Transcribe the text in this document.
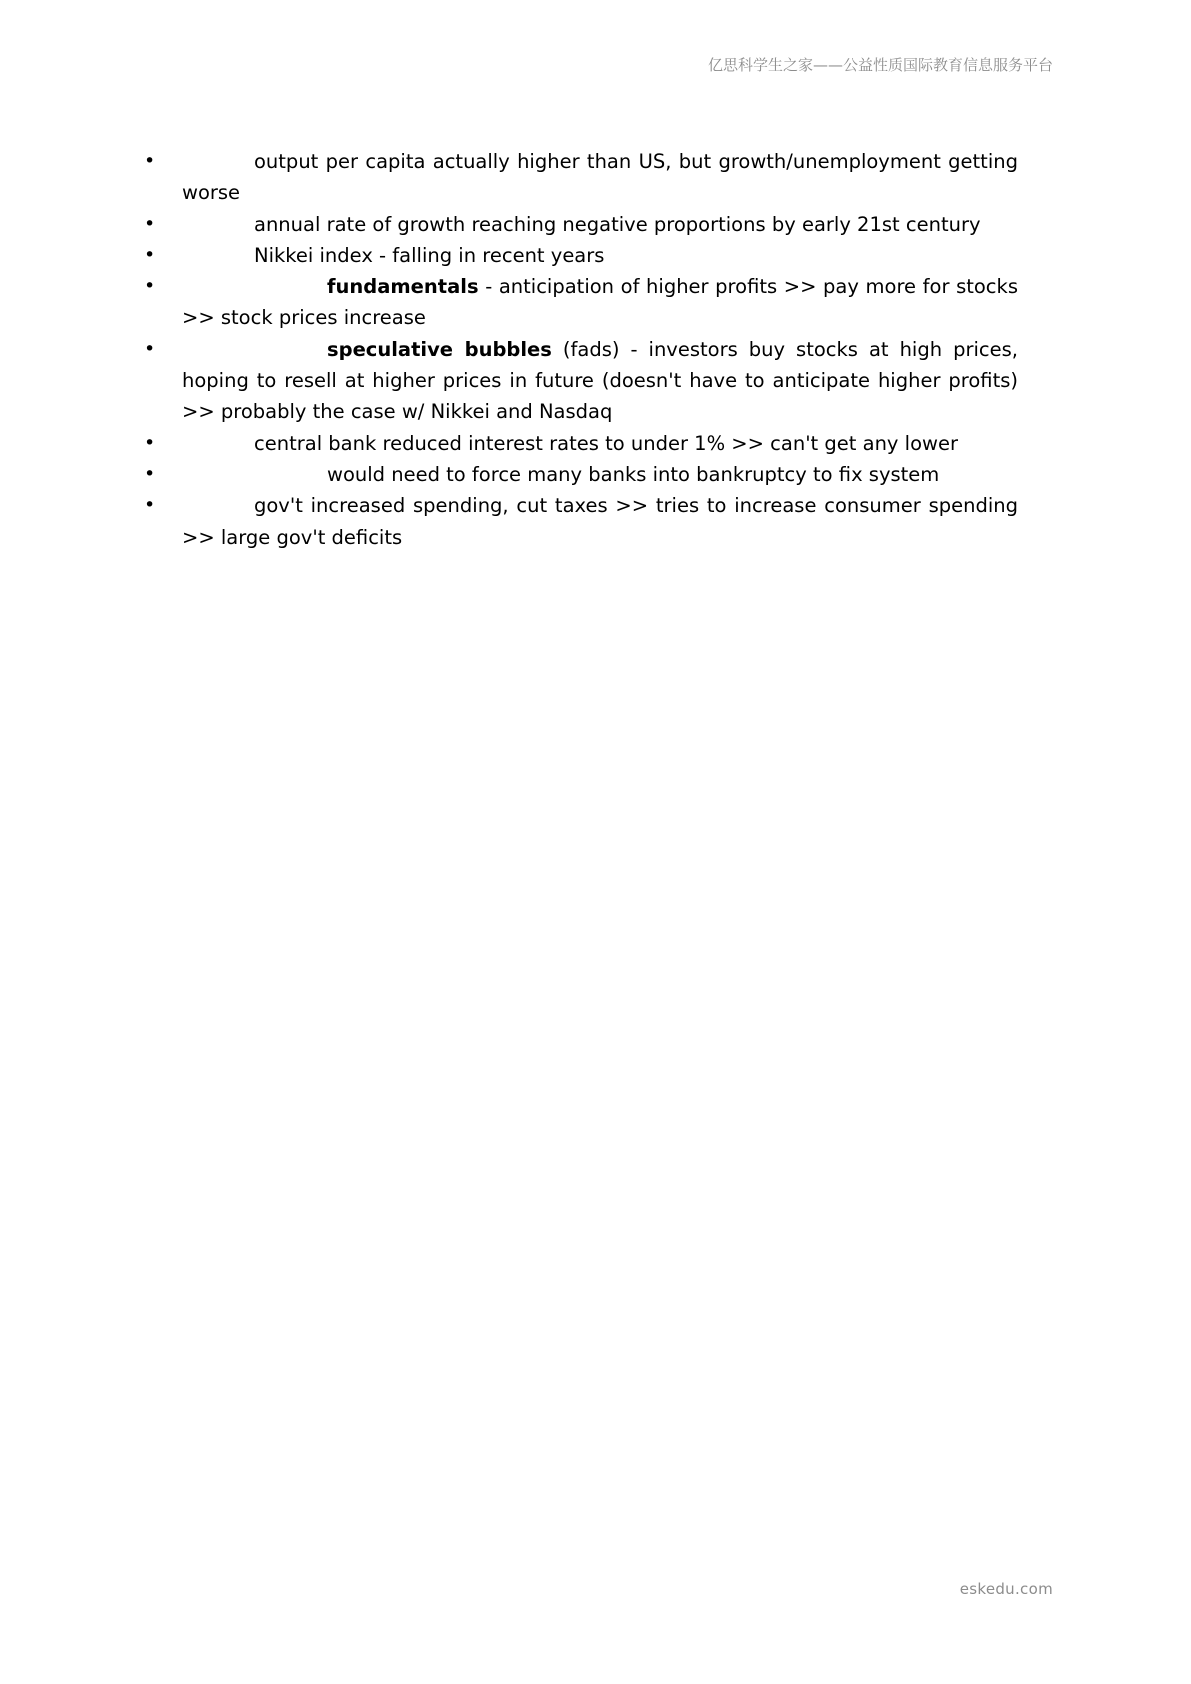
亿思科学生之家——公益性质国际教育信息服务平台
•	output per capita actually higher than US, but growth/unemployment getting worse
•	annual rate of growth reaching negative proportions by early 21st century
•	Nikkei index - falling in recent years
•	fundamentals - anticipation of higher profits >> pay more for stocks >> stock prices increase
•	speculative bubbles (fads) - investors buy stocks at high prices, hoping to resell at higher prices in future (doesn't have to anticipate higher profits) >> probably the case w/ Nikkei and Nasdaq
•	central bank reduced interest rates to under 1% >> can't get any lower
•	would need to force many banks into bankruptcy to fix system
•	gov't increased spending, cut taxes >> tries to increase consumer spending >> large gov't deficits
eskedu.com
